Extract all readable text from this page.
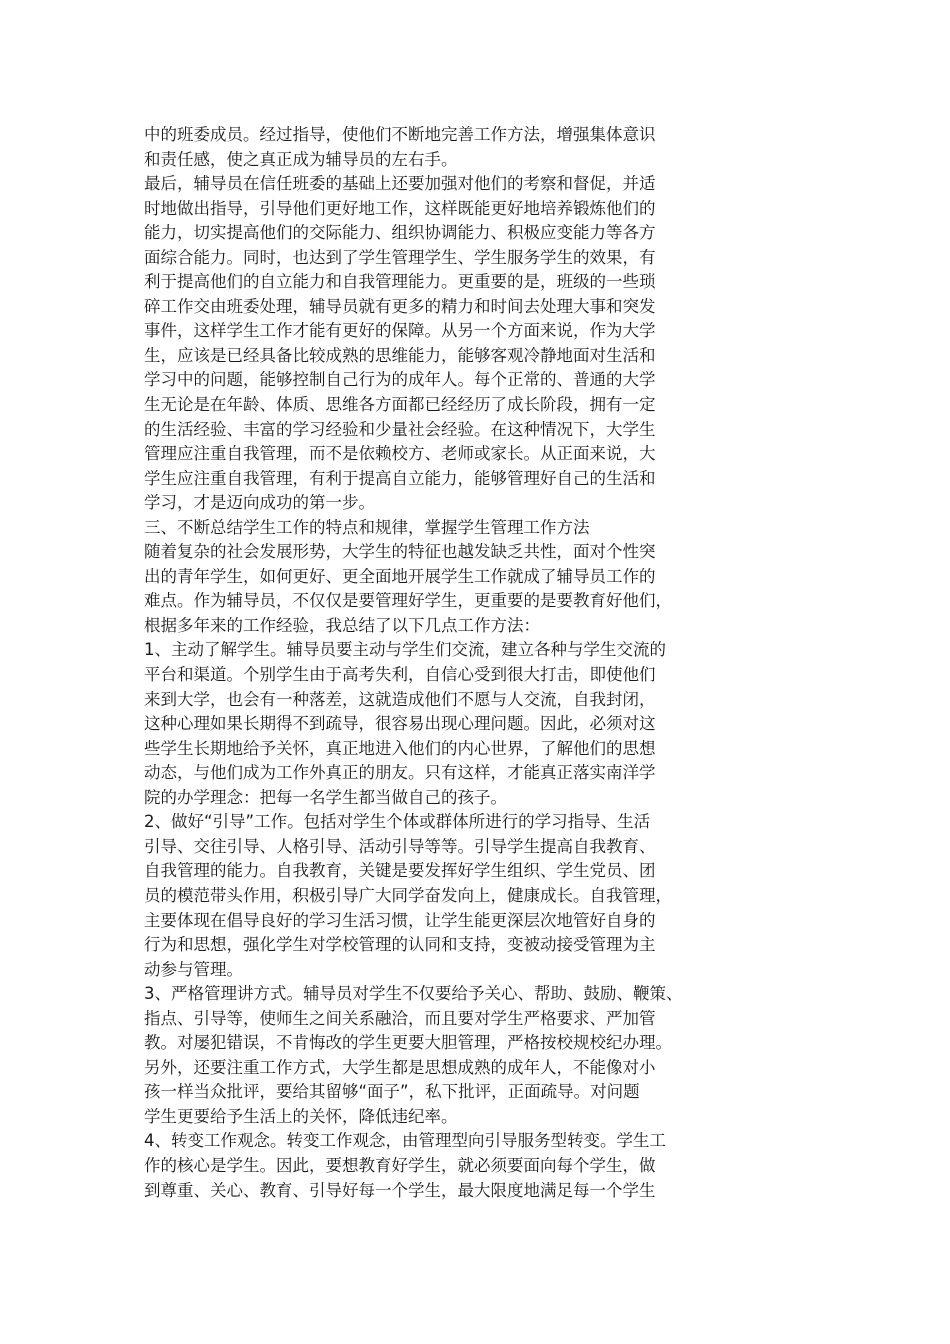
中的班委成员。经过指导，使他们不断地完善工作方法，增强集体意识
和责任感，使之真正成为辅导员的左右手。
最后，辅导员在信任班委的基础上还要加强对他们的考察和督促，并适
时地做出指导，引导他们更好地工作，这样既能更好地培养锻炼他们的
能力，切实提高他们的交际能力、组织协调能力、积极应变能力等各方
面综合能力。同时，也达到了学生管理学生、学生服务学生的效果，有
利于提高他们的自立能力和自我管理能力。更重要的是，班级的一些琐
碎工作交由班委处理，辅导员就有更多的精力和时间去处理大事和突发
事件，这样学生工作才能有更好的保障。从另一个方面来说，作为大学
生，应该是已经具备比较成熟的思维能力，能够客观冷静地面对生活和
学习中的问题，能够控制自己行为的成年人。每个正常的、普通的大学
生无论是在年龄、体质、思维各方面都已经经历了成长阶段，拥有一定
的生活经验、丰富的学习经验和少量社会经验。在这种情况下，大学生
管理应注重自我管理，而不是依赖校方、老师或家长。从正面来说，大
学生应注重自我管理，有利于提高自立能力，能够管理好自己的生活和
学习，才是迈向成功的第一步。
三、不断总结学生工作的特点和规律，掌握学生管理工作方法
随着复杂的社会发展形势，大学生的特征也越发缺乏共性，面对个性突
出的青年学生，如何更好、更全面地开展学生工作就成了辅导员工作的
难点。作为辅导员，不仅仅是要管理好学生，更重要的是要教育好他们，
根据多年来的工作经验，我总结了以下几点工作方法：
1、主动了解学生。辅导员要主动与学生们交流，建立各种与学生交流的
平台和渠道。个别学生由于高考失利，自信心受到很大打击，即使他们
来到大学，也会有一种落差，这就造成他们不愿与人交流，自我封闭，
这种心理如果长期得不到疏导，很容易出现心理问题。因此，必须对这
些学生长期地给予关怀，真正地进入他们的内心世界，了解他们的思想
动态，与他们成为工作外真正的朋友。只有这样，才能真正落实南洋学
院的办学理念：把每一名学生都当做自己的孩子。
2、做好“引导”工作。包括对学生个体或群体所进行的学习指导、生活
引导、交往引导、人格引导、活动引导等等。引导学生提高自我教育、
自我管理的能力。自我教育，关键是要发挥好学生组织、学生党员、团
员的模范带头作用，积极引导广大同学奋发向上，健康成长。自我管理，
主要体现在倡导良好的学习生活习惯，让学生能更深层次地管好自身的
行为和思想，强化学生对学校管理的认同和支持，变被动接受管理为主
动参与管理。
3、严格管理讲方式。辅导员对学生不仅要给予关心、帮助、鼓励、鞭策、
指点、引导等，使师生之间关系融洽，而且要对学生严格要求、严加管
教。对屡犯错误，不肯悔改的学生更要大胆管理，严格按校规校纪办理。
另外，还要注重工作方式，大学生都是思想成熟的成年人，不能像对小
孩一样当众批评，要给其留够“面子”，私下批评，正面疏导。对问题
学生更要给予生活上的关怀，降低违纪率。
4、转变工作观念。转变工作观念，由管理型向引导服务型转变。学生工
作的核心是学生。因此，要想教育好学生，就必须要面向每个学生，做
到尊重、关心、教育、引导好每一个学生，最大限度地满足每一个学生
